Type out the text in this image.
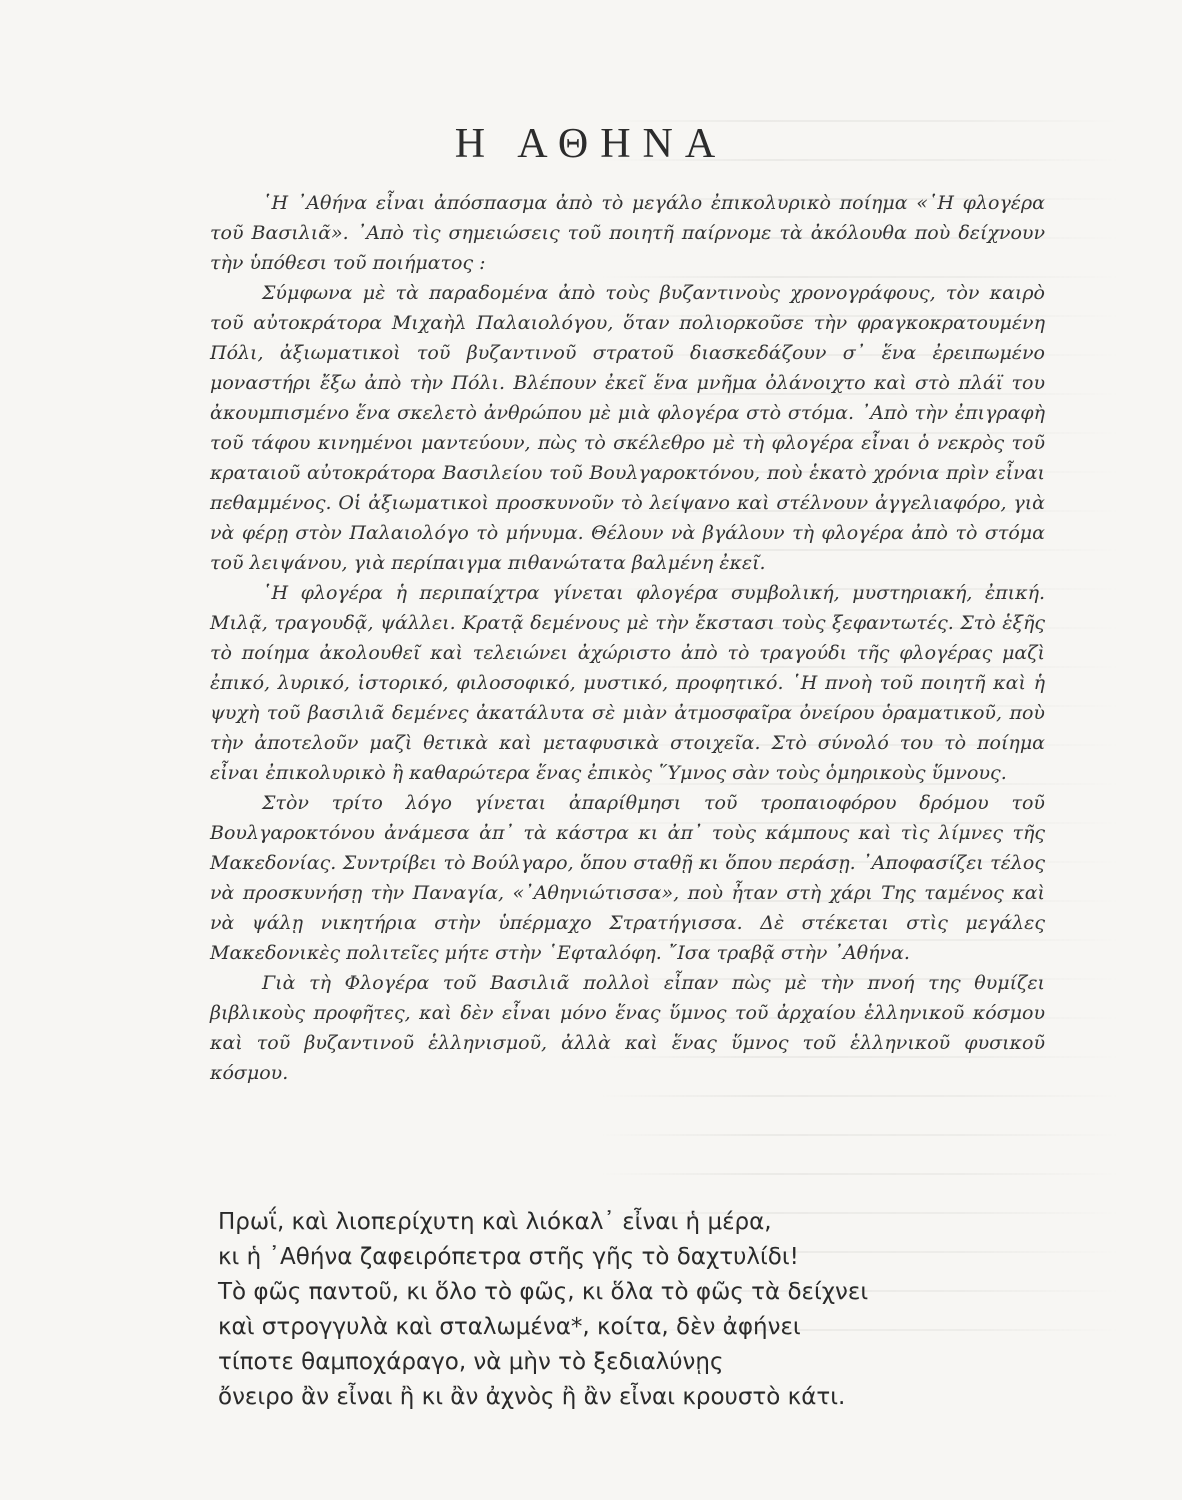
Η ΑΘΗΝΑ

῾Η ᾿Αθήνα εἶναι ἀπόσπασμα ἀπὸ τὸ μεγάλο ἐπικολυρικὸ ποίημα «῾Η φλογέρα τοῦ Βασιλιᾶ». ᾿Απὸ τὶς σημειώσεις τοῦ ποιητῆ παίρνομε τὰ ἀκόλουθα ποὺ δείχνουν τὴν ὑπόθεσι τοῦ ποιήματος :

Σύμφωνα μὲ τὰ παραδομένα ἀπὸ τοὺς βυζαντινοὺς χρονογράφους, τὸν καιρὸ τοῦ αὐτοκράτορα Μιχαὴλ Παλαιολόγου, ὅταν πολιορκοῦσε τὴν φραγκοκρατουμένη Πόλι, ἀξιωματικοὶ τοῦ βυζαντινοῦ στρατοῦ διασκεδάζουν σ᾿ ἕνα ἐρειπωμένο μοναστήρι ἔξω ἀπὸ τὴν Πόλι. Βλέπουν ἐκεῖ ἕνα μνῆμα ὀλάνοιχτο καὶ στὸ πλάϊ του ἀκουμπισμένο ἕνα σκελετὸ ἀνθρώπου μὲ μιὰ φλογέρα στὸ στόμα. ᾿Απὸ τὴν ἐπιγραφὴ τοῦ τάφου κινημένοι μαντεύουν, πὼς τὸ σκέλεθρο μὲ τὴ φλογέρα εἶναι ὁ νεκρὸς τοῦ κραταιοῦ αὐτοκράτορα Βασιλείου τοῦ Βουλγαροκτόνου, ποὺ ἑκατὸ χρόνια πρὶν εἶναι πεθαμμένος. Οἱ ἀξιωματικοὶ προσκυνοῦν τὸ λείψανο καὶ στέλνουν ἀγγελιαφόρο, γιὰ νὰ φέρῃ στὸν Παλαιολόγο τὸ μήνυμα. Θέλουν νὰ βγάλουν τὴ φλογέρα ἀπὸ τὸ στόμα τοῦ λειψάνου, γιὰ περίπαιγμα πιθανώτατα βαλμένη ἐκεῖ.

῾Η φλογέρα ἡ περιπαίχτρα γίνεται φλογέρα συμβολική, μυστηριακή, ἐπική. Μιλᾷ, τραγουδᾷ, ψάλλει. Κρατᾷ δεμένους μὲ τὴν ἔκστασι τοὺς ξεφαντωτές. Στὸ ἑξῆς τὸ ποίημα ἀκολουθεῖ καὶ τελειώνει ἀχώριστο ἀπὸ τὸ τραγούδι τῆς φλογέρας μαζὶ ἐπικό, λυρικό, ἱστορικό, φιλοσοφικό, μυστικό, προφητικό. ῾Η πνοὴ τοῦ ποιητῆ καὶ ἡ ψυχὴ τοῦ βασιλιᾶ δεμένες ἀκατάλυτα σὲ μιὰν ἀτμοσφαῖρα ὀνείρου ὁραματικοῦ, ποὺ τὴν ἀποτελοῦν μαζὶ θετικὰ καὶ μεταφυσικὰ στοιχεῖα. Στὸ σύνολό του τὸ ποίημα εἶναι ἐπικολυρικὸ ἢ καθαρώτερα ἕνας ἐπικὸς ῞Υμνος σὰν τοὺς ὁμηρικοὺς ὕμνους.

Στὸν τρίτο λόγο γίνεται ἀπαρίθμησι τοῦ τροπαιοφόρου δρόμου τοῦ Βουλγαροκτόνου ἀνάμεσα ἀπ᾿ τὰ κάστρα κι ἀπ᾿ τοὺς κάμπους καὶ τὶς λίμνες τῆς Μακεδονίας. Συντρίβει τὸ Βούλγαρο, ὅπου σταθῇ κι ὅπου περάσῃ. ᾿Αποφασίζει τέλος νὰ προσκυνήσῃ τὴν Παναγία, «᾿Αθηνιώτισσα», ποὺ ἦταν στὴ χάρι Της ταμένος καὶ νὰ ψάλῃ νικητήρια στὴν ὑπέρμαχο Στρατήγισσα. Δὲ στέκεται στὶς μεγάλες Μακεδονικὲς πολιτεῖες μήτε στὴν ῾Εφταλόφη. ῎Ισα τραβᾷ στὴν ᾿Αθήνα.

Γιὰ τὴ Φλογέρα τοῦ Βασιλιᾶ πολλοὶ εἶπαν πὼς μὲ τὴν πνοή της θυμίζει βιβλικοὺς προφῆτες, καὶ δὲν εἶναι μόνο ἕνας ὕμνος τοῦ ἀρχαίου ἑλληνικοῦ κόσμου καὶ τοῦ βυζαντινοῦ ἑλληνισμοῦ, ἀλλὰ καὶ ἕνας ὕμνος τοῦ ἑλληνικοῦ φυσικοῦ κόσμου.

Πρωΐ, καὶ λιοπερίχυτη καὶ λιόκαλ᾿ εἶναι ἡ μέρα,
κι ἡ ᾿Αθήνα ζαφειρόπετρα στῆς γῆς τὸ δαχτυλίδι!
Τὸ φῶς παντοῦ, κι ὅλο τὸ φῶς, κι ὅλα τὸ φῶς τὰ δείχνει
καὶ στρογγυλὰ καὶ σταλωμένα*, κοίτα, δὲν ἀφήνει
τίποτε θαμποχάραγο, νὰ μὴν τὸ ξεδιαλύνῃς
ὄνειρο ἂν εἶναι ἢ κι ἂν ἀχνὸς ἢ ἂν εἶναι κρουστὸ κάτι.
